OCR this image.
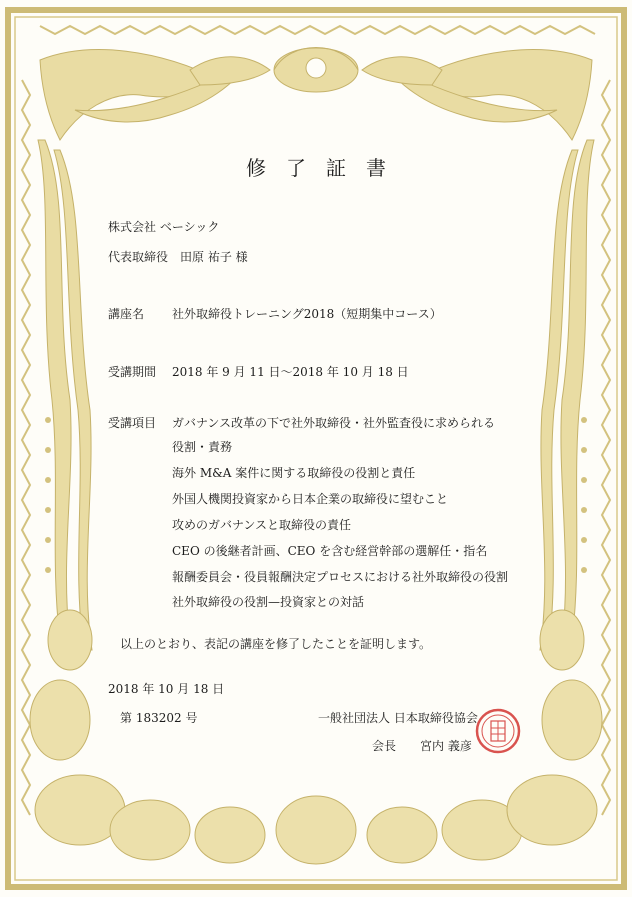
修了証書
株式会社 ベーシック
代表取締役　田原 祐子 様
講座名 社外取締役トレーニング2018（短期集中コース）
受講期間 2018 年 9 月 11 日～2018 年 10 月 18 日
受講項目 ガバナンス改革の下で社外取締役・社外監査役に求められる
役割・責務
海外 M&A 案件に関する取締役の役割と責任
外国人機関投資家から日本企業の取締役に望むこと
攻めのガバナンスと取締役の責任
CEO の後継者計画、CEO を含む経営幹部の選解任・指名
報酬委員会・役員報酬決定プロセスにおける社外取締役の役割
社外取締役の役割—投資家との対話
以上のとおり、表記の講座を修了したことを証明します。
2018 年 10 月 18 日
第 183202 号	一般社団法人 日本取締役協会
会長　　宮内 義彦
